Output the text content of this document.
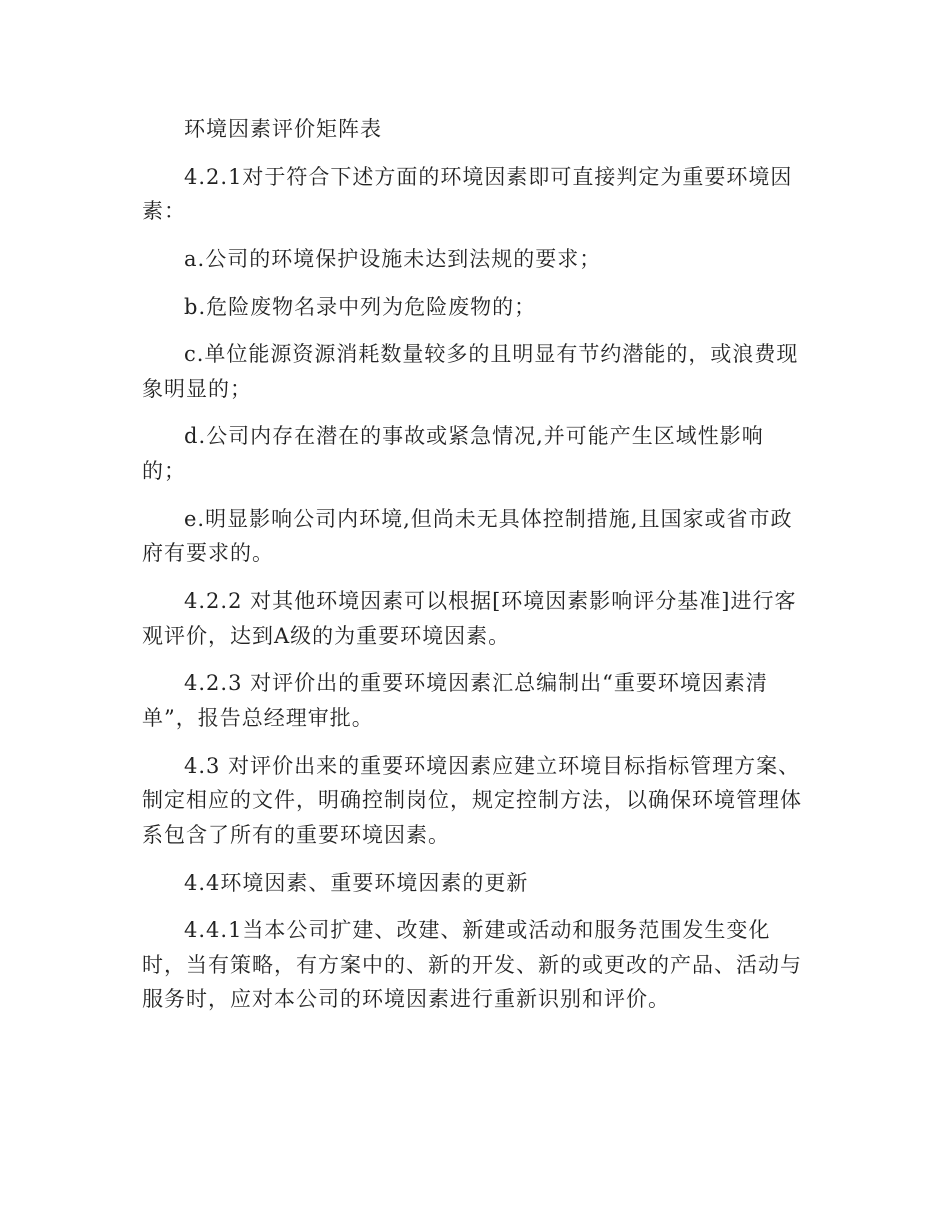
环境因素评价矩阵表

4.2.1对于符合下述方面的环境因素即可直接判定为重要环境因素：

a.公司的环境保护设施未达到法规的要求；

b.危险废物名录中列为危险废物的；

c.单位能源资源消耗数量较多的且明显有节约潜能的，或浪费现象明显的；

d.公司内存在潜在的事故或紧急情况,并可能产生区域性影响的；

e.明显影响公司内环境,但尚未无具体控制措施,且国家或省市政府有要求的。

4.2.2 对其他环境因素可以根据[环境因素影响评分基准]进行客观评价，达到A级的为重要环境因素。

4.2.3 对评价出的重要环境因素汇总编制出“重要环境因素清单”，报告总经理审批。

4.3 对评价出来的重要环境因素应建立环境目标指标管理方案、制定相应的文件，明确控制岗位，规定控制方法，以确保环境管理体系包含了所有的重要环境因素。

4.4环境因素、重要环境因素的更新

4.4.1当本公司扩建、改建、新建或活动和服务范围发生变化时，当有策略，有方案中的、新的开发、新的或更改的产品、活动与服务时，应对本公司的环境因素进行重新识别和评价。
